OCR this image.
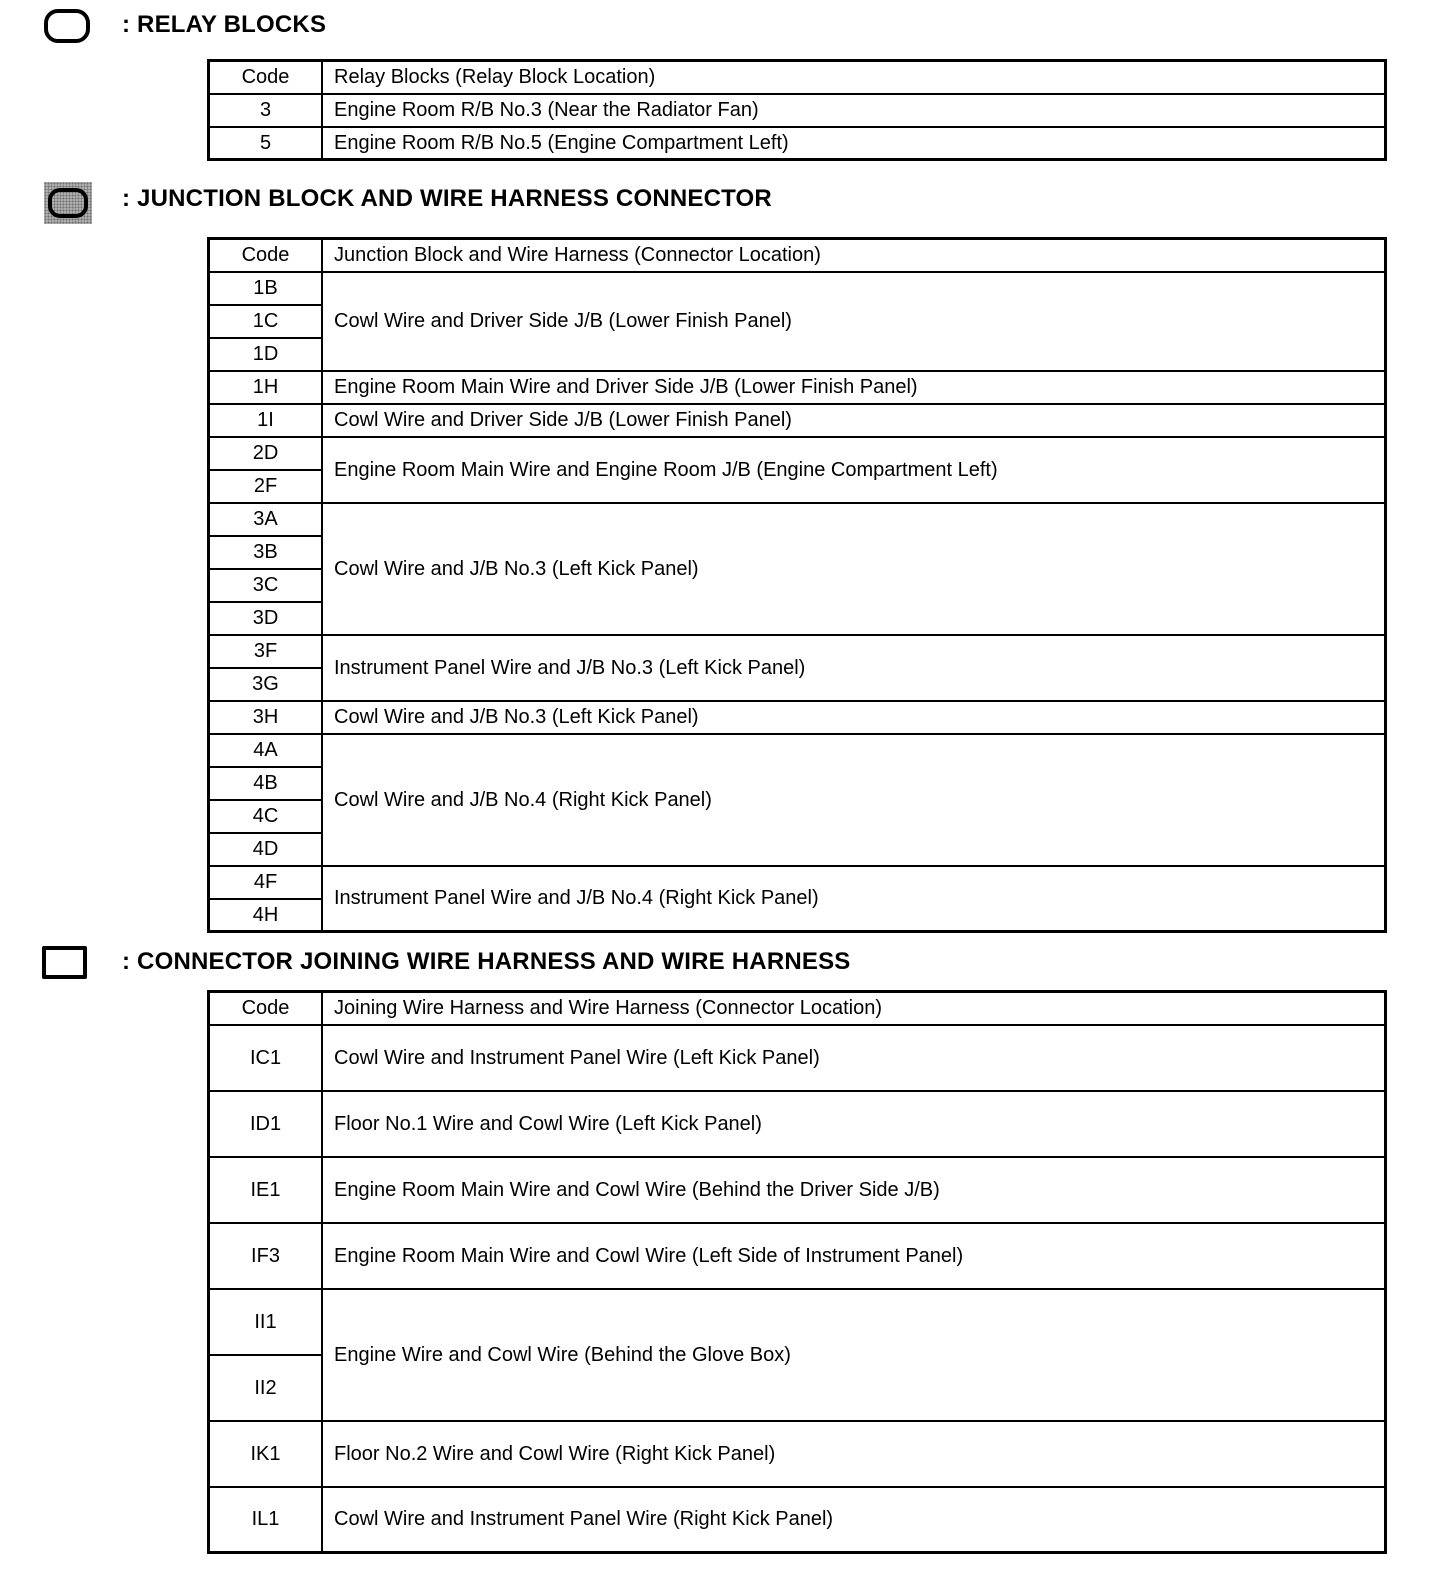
: RELAY BLOCKS
Code	Relay Blocks (Relay Block Location)
3	Engine Room R/B No.3 (Near the Radiator Fan)
5	Engine Room R/B No.5 (Engine Compartment Left)
: JUNCTION BLOCK AND WIRE HARNESS CONNECTOR
Code	Junction Block and Wire Harness (Connector Location)
1B	Cowl Wire and Driver Side J/B (Lower Finish Panel)
1C	
1D	
1H	Engine Room Main Wire and Driver Side J/B (Lower Finish Panel)
1I	Cowl Wire and Driver Side J/B (Lower Finish Panel)
2D	Engine Room Main Wire and Engine Room J/B (Engine Compartment Left)
2F	
3A	Cowl Wire and J/B No.3 (Left Kick Panel)
3B	
3C	
3D	
3F	Instrument Panel Wire and J/B No.3 (Left Kick Panel)
3G	
3H	Cowl Wire and J/B No.3 (Left Kick Panel)
4A	Cowl Wire and J/B No.4 (Right Kick Panel)
4B	
4C	
4D	
4F	Instrument Panel Wire and J/B No.4 (Right Kick Panel)
4H	
: CONNECTOR JOINING WIRE HARNESS AND WIRE HARNESS
Code	Joining Wire Harness and Wire Harness (Connector Location)
IC1	Cowl Wire and Instrument Panel Wire (Left Kick Panel)
ID1	Floor No.1 Wire and Cowl Wire (Left Kick Panel)
IE1	Engine Room Main Wire and Cowl Wire (Behind the Driver Side J/B)
IF3	Engine Room Main Wire and Cowl Wire (Left Side of Instrument Panel)
II1	Engine Wire and Cowl Wire (Behind the Glove Box)
II2	
IK1	Floor No.2 Wire and Cowl Wire (Right Kick Panel)
IL1	Cowl Wire and Instrument Panel Wire (Right Kick Panel)
